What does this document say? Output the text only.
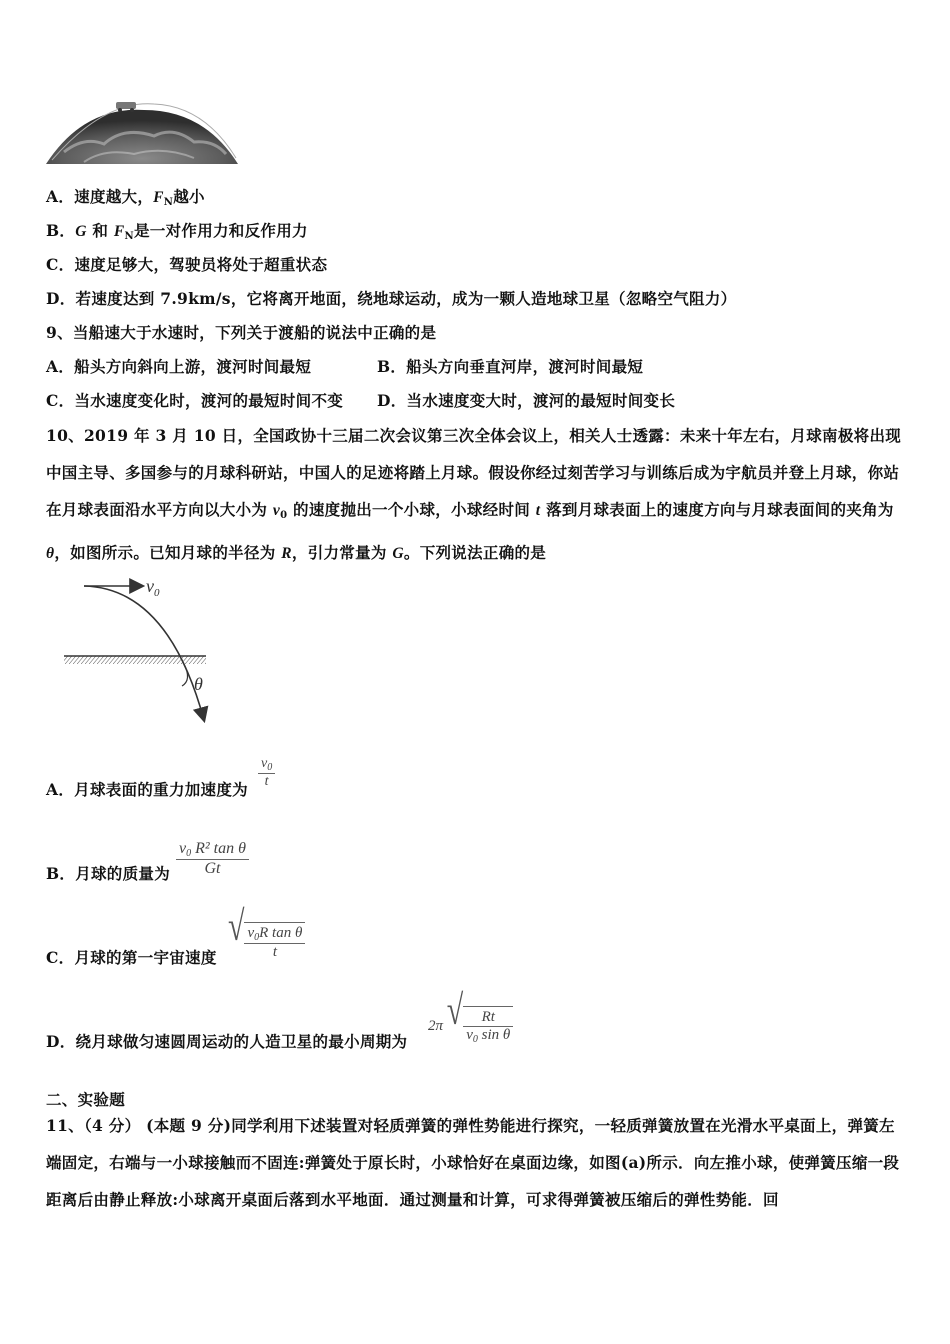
A．速度越大，$F_N$越小
B．G 和 $F_N$是一对作用力和反作用力
C．速度足够大，驾驶员将处于超重状态
D．若速度达到 7.9km/s，它将离开地面，绕地球运动，成为一颗人造地球卫星（忽略空气阻力）
9、当船速大于水速时，下列关于渡船的说法中正确的是
A．船头方向斜向上游，渡河时间最短	B．船头方向垂直河岸，渡河时间最短
C．当水速度变化时，渡河的最短时间不变 D．当水速度变大时，渡河的最短时间变长
10、2019 年 3 月 10 日，全国政协十三届二次会议第三次全体会议上，相关人士透露：未来十年左右，月球南极将出现中国主导、多国参与的月球科研站，中国人的足迹将踏上月球。假设你经过刻苦学习与训练后成为宇航员并登上月球，你站在月球表面沿水平方向以大小为 $v_0$ 的速度抛出一个小球，小球经时间 t 落到月球表面上的速度方向与月球表面间的夹角为 θ，如图所示。已知月球的半径为 R，引力常量为 G。下列说法正确的是
$v_0$
θ
A．月球表面的重力加速度为 $\frac{v_0}{t}$
B．月球的质量为 $\frac{v_0 R^2 \tan \theta}{Gt}$
C．月球的第一宇宙速度
√ $\frac{v_0R \tan \theta}{t}$
D．绕月球做匀速圆周运动的人造卫星的最小周期为
2π √ $\frac{Rt}{v_0 \sin \theta}$
二、实验题
11、（4 分） (本题 9 分)同学利用下述装置对轻质弹簧的弹性势能进行探究，一轻质弹簧放置在光滑水平桌面上，弹簧左端固定，右端与一小球接触而不固连:弹簧处于原长时，小球恰好在桌面边缘，如图(a)所示．向左推小球，使弹簧压缩一段距离后由静止释放:小球离开桌面后落到水平地面．通过测量和计算，可求得弹簧被压缩后的弹性势能．回
